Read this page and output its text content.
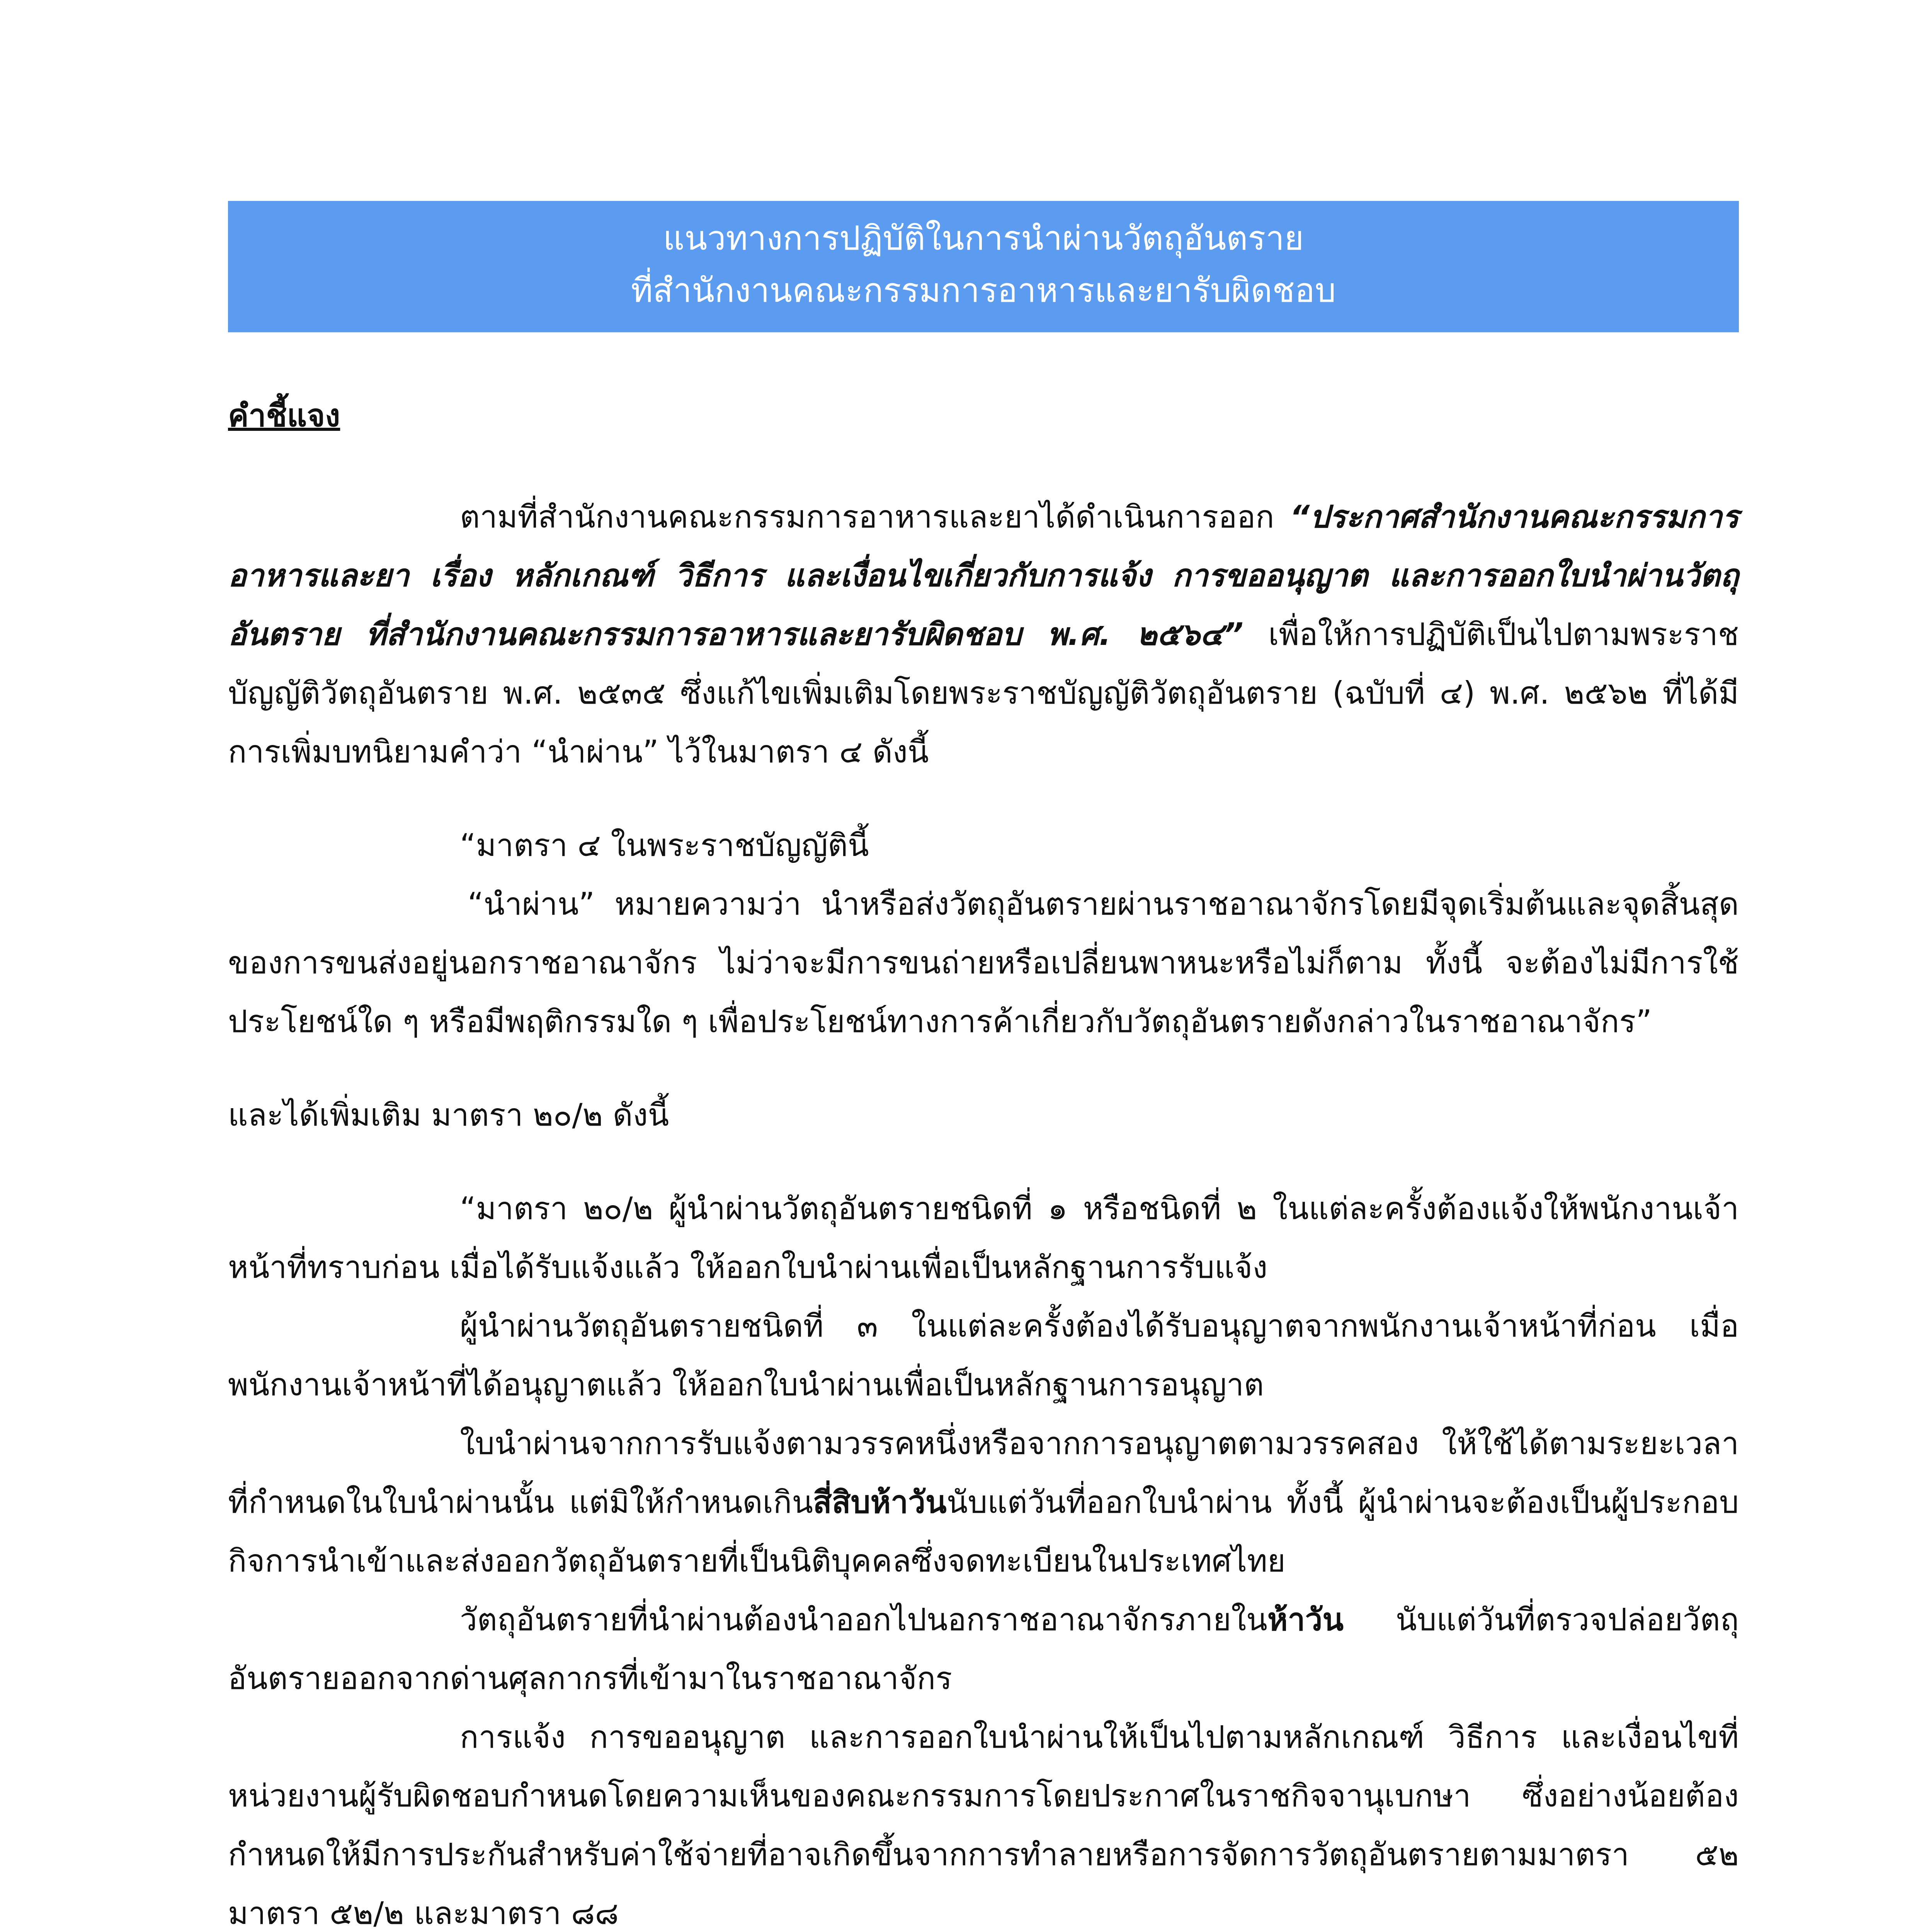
แนวทางการปฏิบัติในการนำผ่านวัตถุอันตราย
ที่สำนักงานคณะกรรมการอาหารและยารับผิดชอบ
คำชี้แจง

ตามที่สำนักงานคณะกรรมการอาหารและยาได้ดำเนินการออก “ประกาศสำนักงานคณะกรรมการอาหารและยา เรื่อง หลักเกณฑ์ วิธีการ และเงื่อนไขเกี่ยวกับการแจ้ง การขออนุญาต และการออกใบนำผ่านวัตถุอันตราย ที่สำนักงานคณะกรรมการอาหารและยารับผิดชอบ พ.ศ. ๒๕๖๔” เพื่อให้การปฏิบัติเป็นไปตามพระราชบัญญัติวัตถุอันตราย พ.ศ. ๒๕๓๕ ซึ่งแก้ไขเพิ่มเติมโดยพระราชบัญญัติวัตถุอันตราย (ฉบับที่ ๔) พ.ศ. ๒๕๖๒ ที่ได้มีการเพิ่มบทนิยามคำว่า “นำผ่าน” ไว้ในมาตรา ๔ ดังนี้

“มาตรา ๔ ในพระราชบัญญัตินี้

“นำผ่าน” หมายความว่า นำหรือส่งวัตถุอันตรายผ่านราชอาณาจักรโดยมีจุดเริ่มต้นและจุดสิ้นสุดของการขนส่งอยู่นอกราชอาณาจักร ไม่ว่าจะมีการขนถ่ายหรือเปลี่ยนพาหนะหรือไม่ก็ตาม ทั้งนี้ จะต้องไม่มีการใช้ประโยชน์ใด ๆ หรือมีพฤติกรรมใด ๆ เพื่อประโยชน์ทางการค้าเกี่ยวกับวัตถุอันตรายดังกล่าวในราชอาณาจักร”

และได้เพิ่มเติม มาตรา ๒๐/๒ ดังนี้

“มาตรา ๒๐/๒ ผู้นำผ่านวัตถุอันตรายชนิดที่ ๑ หรือชนิดที่ ๒ ในแต่ละครั้งต้องแจ้งให้พนักงานเจ้าหน้าที่ทราบก่อน เมื่อได้รับแจ้งแล้ว ให้ออกใบนำผ่านเพื่อเป็นหลักฐานการรับแจ้ง

ผู้นำผ่านวัตถุอันตรายชนิดที่ ๓ ในแต่ละครั้งต้องได้รับอนุญาตจากพนักงานเจ้าหน้าที่ก่อน เมื่อพนักงานเจ้าหน้าที่ได้อนุญาตแล้ว ให้ออกใบนำผ่านเพื่อเป็นหลักฐานการอนุญาต

ใบนำผ่านจากการรับแจ้งตามวรรคหนึ่งหรือจากการอนุญาตตามวรรคสอง ให้ใช้ได้ตามระยะเวลาที่กำหนดในใบนำผ่านนั้น แต่มิให้กำหนดเกินสี่สิบห้าวันนับแต่วันที่ออกใบนำผ่าน ทั้งนี้ ผู้นำผ่านจะต้องเป็นผู้ประกอบกิจการนำเข้าและส่งออกวัตถุอันตรายที่เป็นนิติบุคคลซึ่งจดทะเบียนในประเทศไทย

วัตถุอันตรายที่นำผ่านต้องนำออกไปนอกราชอาณาจักรภายในห้าวัน นับแต่วันที่ตรวจปล่อยวัตถุอันตรายออกจากด่านศุลกากรที่เข้ามาในราชอาณาจักร

การแจ้ง การขออนุญาต และการออกใบนำผ่านให้เป็นไปตามหลักเกณฑ์ วิธีการ และเงื่อนไขที่หน่วยงานผู้รับผิดชอบกำหนดโดยความเห็นของคณะกรรมการโดยประกาศในราชกิจจานุเบกษา ซึ่งอย่างน้อยต้องกำหนดให้มีการประกันสำหรับค่าใช้จ่ายที่อาจเกิดขึ้นจากการทำลายหรือการจัดการวัตถุอันตรายตามมาตรา ๕๒ มาตรา ๕๒/๒ และมาตรา ๘๘
